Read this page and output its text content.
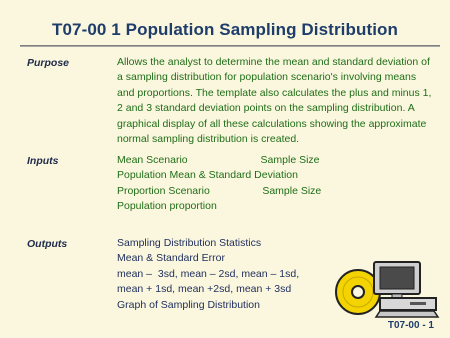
T07-00 1 Population Sampling Distribution
Purpose	Allows the analyst to determine the mean and standard deviation of a sampling distribution for population scenario's involving means and proportions. The template also calculates the plus and minus 1, 2 and 3 standard deviation points on the sampling distribution. A graphical display of all these calculations showing the approximate normal sampling distribution is created.
Inputs	Mean Scenario                         Sample Size
Population Mean & Standard Deviation
Proportion Scenario                  Sample Size
Population proportion
Outputs	Sampling Distribution Statistics
Mean & Standard Error
mean –  3sd, mean – 2sd, mean – 1sd,
mean + 1sd, mean +2sd, mean + 3sd
Graph of Sampling Distribution
T07-00 - 1
